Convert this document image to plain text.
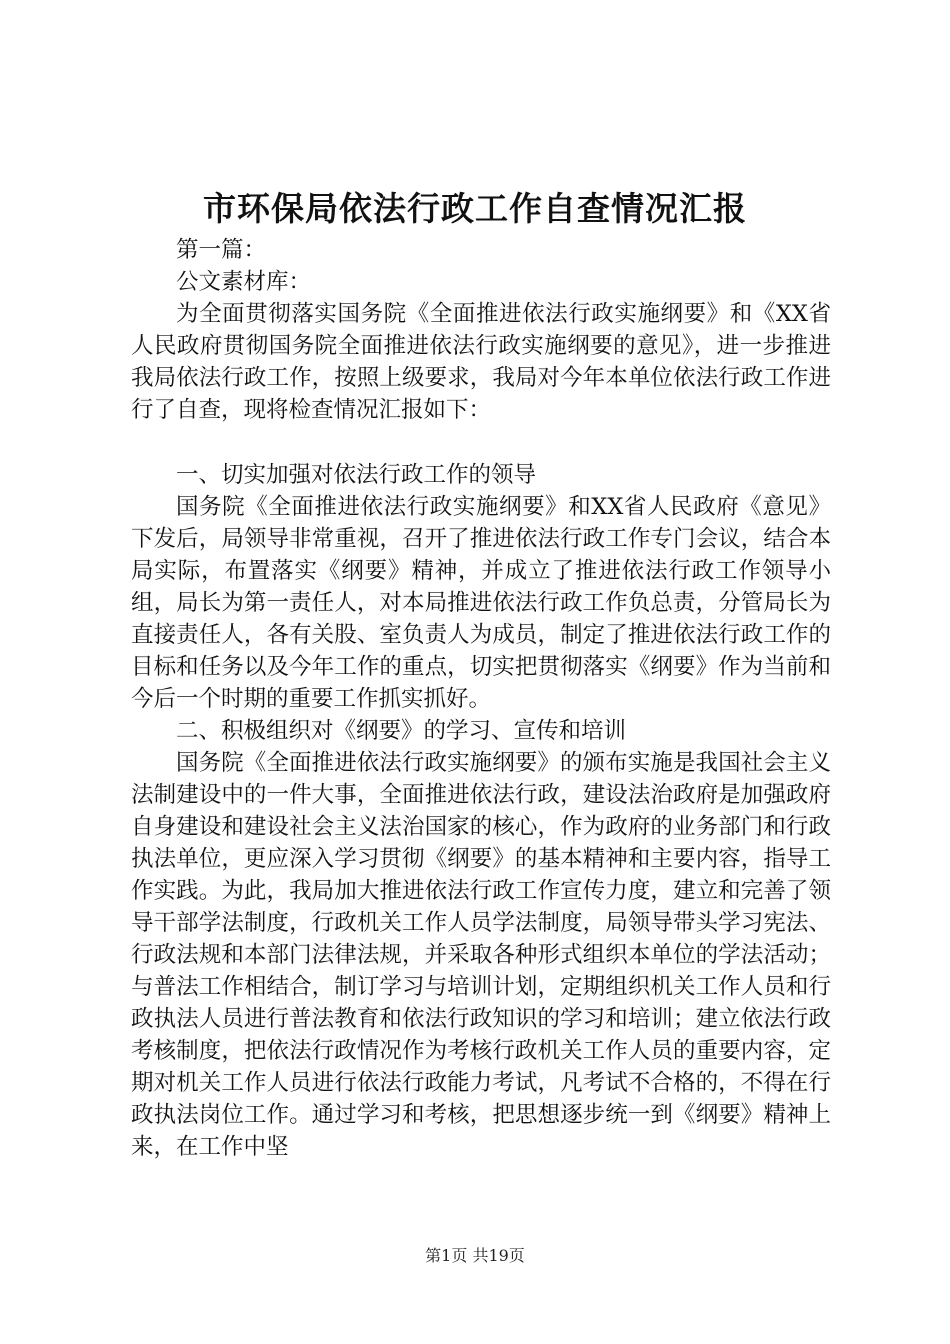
市环保局依法行政工作自查情况汇报

第一篇：

公文素材库：

为全面贯彻落实国务院《全面推进依法行政实施纲要》和《XX省人民政府贯彻国务院全面推进依法行政实施纲要的意见》，进一步推进我局依法行政工作，按照上级要求，我局对今年本单位依法行政工作进行了自查，现将检查情况汇报如下：

一、切实加强对依法行政工作的领导

国务院《全面推进依法行政实施纲要》和XX省人民政府《意见》下发后，局领导非常重视，召开了推进依法行政工作专门会议，结合本局实际，布置落实《纲要》精神，并成立了推进依法行政工作领导小组，局长为第一责任人，对本局推进依法行政工作负总责，分管局长为直接责任人，各有关股、室负责人为成员，制定了推进依法行政工作的目标和任务以及今年工作的重点，切实把贯彻落实《纲要》作为当前和今后一个时期的重要工作抓实抓好。

二、积极组织对《纲要》的学习、宣传和培训

国务院《全面推进依法行政实施纲要》的颁布实施是我国社会主义法制建设中的一件大事，全面推进依法行政，建设法治政府是加强政府自身建设和建设社会主义法治国家的核心，作为政府的业务部门和行政执法单位，更应深入学习贯彻《纲要》的基本精神和主要内容，指导工作实践。为此，我局加大推进依法行政工作宣传力度，建立和完善了领导干部学法制度，行政机关工作人员学法制度，局领导带头学习宪法、行政法规和本部门法律法规，并采取各种形式组织本单位的学法活动；与普法工作相结合，制订学习与培训计划，定期组织机关工作人员和行政执法人员进行普法教育和依法行政知识的学习和培训；建立依法行政考核制度，把依法行政情况作为考核行政机关工作人员的重要内容，定期对机关工作人员进行依法行政能力考试，凡考试不合格的，不得在行政执法岗位工作。通过学习和考核，把思想逐步统一到《纲要》精神上来，在工作中坚

第1页 共19页
